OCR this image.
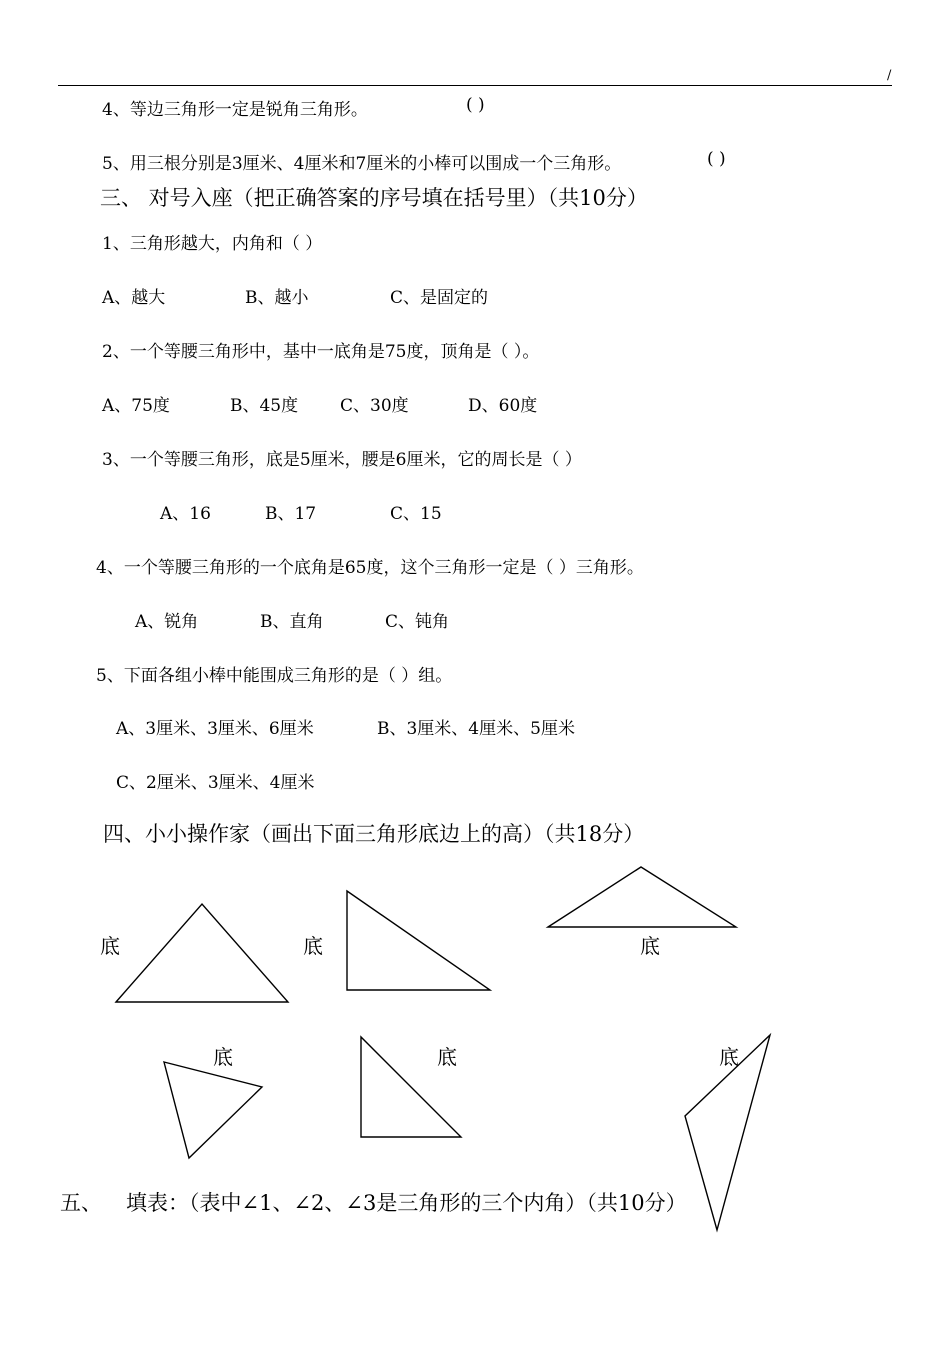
/
4、等边三角形一定是锐角三角形。	( )
5、用三根分别是3厘米、4厘米和7厘米的小棒可以围成一个三角形。	( )
三、 对号入座（把正确答案的序号填在括号里）（共10分）
1、三角形越大，内角和（ ）
A、越大	B、越小	C、是固定的
2、一个等腰三角形中，基中一底角是75度，顶角是（ ）。
A、75度	B、45度 C、30度	D、60度
3、一个等腰三角形，底是5厘米，腰是6厘米，它的周长是（ ）
A、16	B、17	C、15
4、一个等腰三角形的一个底角是65度，这个三角形一定是（ ）三角形。
A、锐角	B、直角	C、钝角
5、下面各组小棒中能围成三角形的是（ ）组。
A、3厘米、3厘米、6厘米	B、3厘米、4厘米、5厘米
C、2厘米、3厘米、4厘米
四、小小操作家（画出下面三角形底边上的高）（共18分）
底	底	底
底	底	底
五、 填表：（表中∠1、∠2、∠3是三角形的三个内角）（共10分）
